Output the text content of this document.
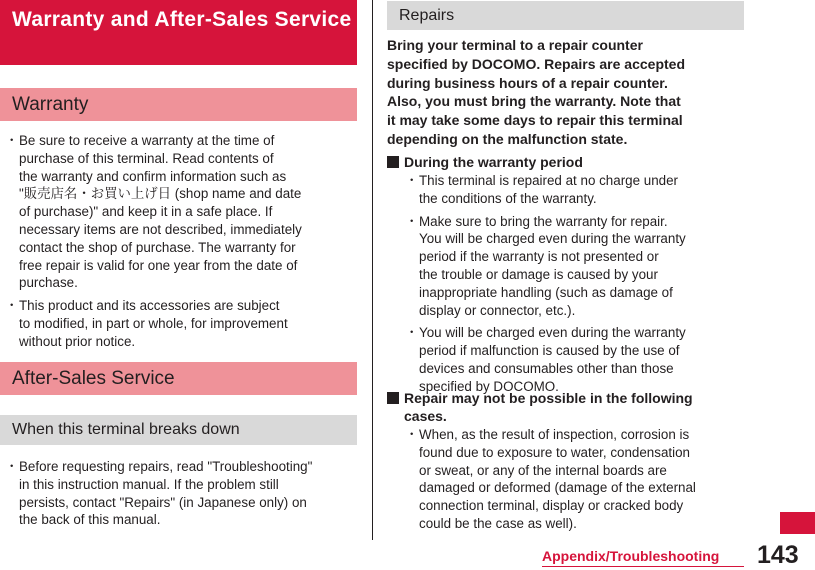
Warranty and After-Sales Service
Warranty
・ Be sure to receive a warranty at the time of
purchase of this terminal. Read contents of
the warranty and confirm information such as
"販売店名・お買い上げ日 (shop name and date
of purchase)" and keep it in a safe place. If
necessary items are not described, immediately
contact the shop of purchase. The warranty for
free repair is valid for one year from the date of
purchase.
・ This product and its accessories are subject
to modified, in part or whole, for improvement
without prior notice.
After-Sales Service
When this terminal breaks down
・ Before requesting repairs, read "Troubleshooting"
in this instruction manual. If the problem still
persists, contact "Repairs" (in Japanese only) on
the back of this manual.
Repairs
Bring your terminal to a repair counter
specified by DOCOMO. Repairs are accepted
during business hours of a repair counter.
Also, you must bring the warranty. Note that
it may take some days to repair this terminal
depending on the malfunction state.
During the warranty period
・ This terminal is repaired at no charge under
the conditions of the warranty.
・ Make sure to bring the warranty for repair.
You will be charged even during the warranty
period if the warranty is not presented or
the trouble or damage is caused by your
inappropriate handling (such as damage of
display or connector, etc.).
・ You will be charged even during the warranty
period if malfunction is caused by the use of
devices and consumables other than those
specified by DOCOMO.
Repair may not be possible in the following
cases.
・ When, as the result of inspection, corrosion is
found due to exposure to water, condensation
or sweat, or any of the internal boards are
damaged or deformed (damage of the external
connection terminal, display or cracked body
could be the case as well).
Appendix/Troubleshooting 143
